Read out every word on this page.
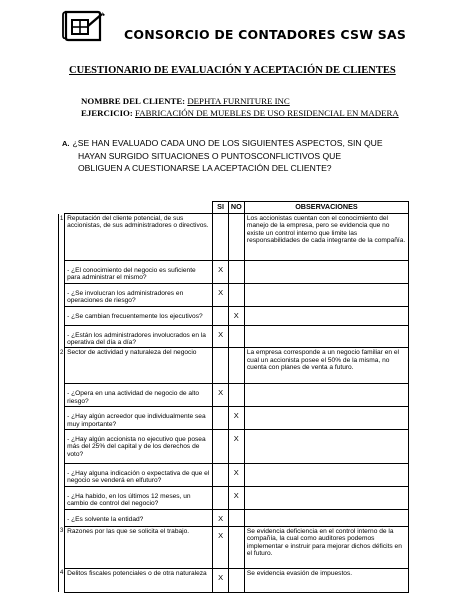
CONSORCIO DE CONTADORES CSW SAS
CUESTIONARIO DE EVALUACIÓN Y ACEPTACIÓN DE CLIENTES
NOMBRE DEL CLIENTE: DEPHTA FURNITURE INC
EJERCICIO: FABRICACIÓN DE MUEBLES DE USO RESIDENCIAL EN MADERA
A. ¿SE HAN EVALUADO CADA UNO DE LOS SIGUIENTES ASPECTOS, SIN QUE
HAYAN SURGIDO SITUACIONES O PUNTOSCONFLICTIVOS QUE
OBLIGUEN A CUESTIONARSE LA ACEPTACIÓN DEL CLIENTE?
		SI	NO	OBSERVACIONES
1	Reputación del cliente potencial, de sus accionistas, de sus administradores o directivos.			Los accionistas cuentan con el conocimiento del manejo de la empresa, pero se evidencia que no existe un control interno que limite las responsabilidades de cada integrante de la compañía.
	- ¿El conocimiento del negocio es suficiente para administrar el mismo?	X		
	- ¿Se involucran los administradores en operaciones de riesgo?	X		
	- ¿Se cambian frecuentemente los ejecutivos?		X	
	- ¿Están los administradores involucrados en la operativa del día a día?	X		
2	Sector de actividad y naturaleza del negocio			La empresa corresponde a un negocio familiar en el cual un accionista posee el 50% de la misma, no cuenta con planes de venta a futuro.
	- ¿Opera en una actividad de negocio de alto riesgo?	X		
	- ¿Hay algún acreedor que individualmente sea muy importante?		X	
	- ¿Hay algún accionista no ejecutivo que posea más del 25% del capital y de los derechos de voto?		X	
	- ¿Hay alguna indicación o expectativa de que el negocio se venderá en elfuturo?		X	
	- ¿Ha habido, en los últimos 12 meses, un cambio de control del negocio?		X	
	- ¿Es solvente la entidad?	X		
3	Razones por las que se solicita el trabajo.	X		Se evidencia deficiencia en el control interno de la compañía, la cual como auditores podemos implementar e instruir para mejorar dichos déficits en el futuro.
4	Delitos fiscales potenciales o de otra naturaleza	X		Se evidencia evasión de impuestos.
